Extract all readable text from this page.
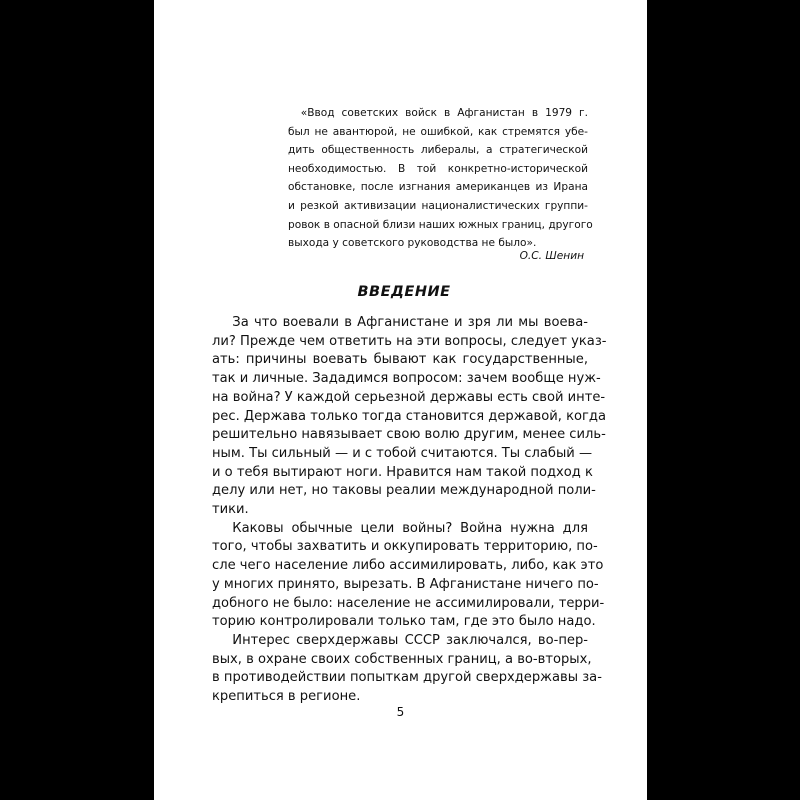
«Ввод советских войск в Афганистан в 1979 г.
был не авантюрой, не ошибкой, как стремятся убе-
дить общественность либералы, а стратегической
необходимостью. В той конкретно-исторической
обстановке, после изгнания американцев из Ирана
и резкой активизации националистических группи-
ровок в опасной близи наших южных границ, другого
выхода у советского руководства не было».
О.С. Шенин
ВВЕДЕНИЕ
За что воевали в Афганистане и зря ли мы воева-
ли? Прежде чем ответить на эти вопросы, следует указ-
ать: причины воевать бывают как государственные,
так и личные. Зададимся вопросом: зачем вообще нуж-
на война? У каждой серьезной державы есть свой инте-
рес. Держава только тогда становится державой, когда
решительно навязывает свою волю другим, менее силь-
ным. Ты сильный — и с тобой считаются. Ты слабый —
и о тебя вытирают ноги. Нравится нам такой подход к
делу или нет, но таковы реалии международной поли-
тики.
Каковы обычные цели войны? Война нужна для
того, чтобы захватить и оккупировать территорию, по-
сле чего население либо ассимилировать, либо, как это
у многих принято, вырезать. В Афганистане ничего по-
добного не было: население не ассимилировали, терри-
торию контролировали только там, где это было надо.
Интерес сверхдержавы СССР заключался, во-пер-
вых, в охране своих собственных границ, а во-вторых,
в противодействии попыткам другой сверхдержавы за-
крепиться в регионе.
5
